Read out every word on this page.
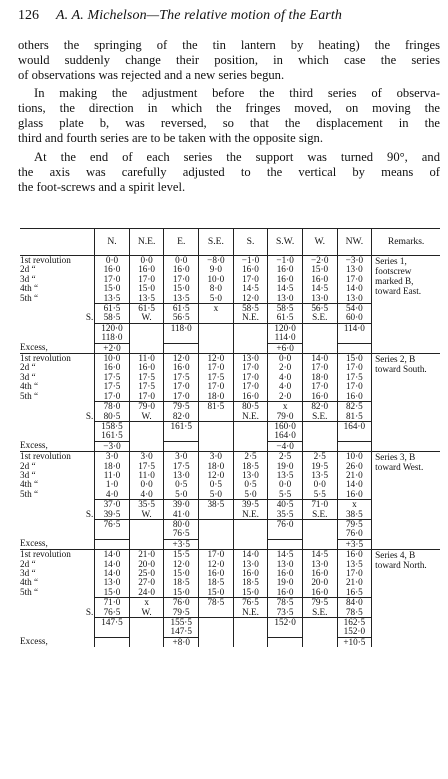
126 A. A. Michelson—The relative motion of the Earth
others the springing of the tin lantern by heating) the fringes
would suddenly change their position, in which case the series
of observations was rejected and a new series begun.
In making the adjustment before the third series of observa-
tions, the direction in which the fringes moved, on moving the
glass plate b, was reversed, so that the displacement in the
third and fourth series are to be taken with the opposite sign.
At the end of each series the support was turned 90°, and
the axis was carefully adjusted to the vertical by means of
the foot-screws and a spirit level.
		N.	N.E.	E.	S.E.	S.	S.W.	W.	NW.	Remarks.
1st revolution		0·0	0·0	0·0	−8·0	−1·0	−1·0	−2·0	−3·0	Series 1, footscrew marked B, toward East.
2d “		16·0	16·0	16·0	9·0	16·0	16·0	15·0	13·0	
3d “		17·0	17·0	17·0	10·0	17·0	16·0	16·0	17·0	
4th “		15·0	15·0	15·0	8·0	14·5	14·5	14·5	14·0	
5th “		13·5	13·5	13·5	5·0	12·0	13·0	13·0	13·0	
		61·5	61·5	61·5	x	58·5	58·5	56·5	54·0	
	S.	58·5	W.	56·5		N.E.	61·5	S.E.	60·0	
		120·0		118·0			120·0		114·0	
		118·0					114·0			
Excess,		+2·0					+6·0			
1st revolution		10·0	11·0	12·0	12·0	13·0	0·0	14·0	15·0	Series 2, B toward South.
2d “		16·0	16·0	16·0	17·0	17·0	2·0	17·0	17·0	
3d “		17·5	17·5	17·5	17·5	17·0	4·0	18·0	17·5	
4th “		17·5	17·5	17·0	17·0	17·0	4·0	17·0	17·0	
5th “		17·0	17·0	17·0	18·0	16·0	2·0	16·0	16·0	
		78·0	79·0	79·5	81·5	80·5	x	82·0	82·5	
	S.	80·5	W.	82·0		N.E.	79·0	S.E.	81·5	
		158·5		161·5			160·0		164·0	
		161·5					164·0			
Excess,		−3·0					−4·0			
1st revolution		3·0	3·0	3·0	3·0	2·5	2·5	2·5	10·0	Series 3, B toward West.
2d “		18·0	17·5	17·5	18·0	18·5	19·0	19·5	26·0	
3d “		11·0	11·0	13·0	12·0	13·0	13·5	13·5	21·0	
4th “		1·0	0·0	0·5	0·5	0·5	0·0	0·0	14·0	
5th “		4·0	4·0	5·0	5·0	5·0	5·5	5·5	16·0	
		37·0	35·5	39·0	38·5	39·5	40·5	71·0	x	
	S.	39·5	W.	41·0		N.E.	35·5	S.E.	38·5	
		76·5		80·0			76·0		79·5	
				76·5					76·0	
Excess,				+3·5					+3·5	
1st revolution		14·0	21·0	15·5	17·0	14·0	14·5	14·5	16·0	Series 4, B toward North.
2d “		14·0	20·0	12·0	12·0	13·0	13·0	13·0	13·5	
3d “		14·0	25·0	15·0	16·0	16·0	16·0	16·0	17·0	
4th “		13·0	27·0	18·5	18·5	18·5	19·0	20·0	21·0	
5th “		15·0	24·0	15·0	15·0	15·0	16·0	16·0	16·5	
		71·0	x	76·0	78·5	76·5	78·5	79·5	84·0	
	S.	76·5	W.	79·5		N.E.	73·5	S.E.	78·5	
		147·5		155·5			152·0		162·5	
				147·5					152·0	
Excess,				+8·0					+10·5	
